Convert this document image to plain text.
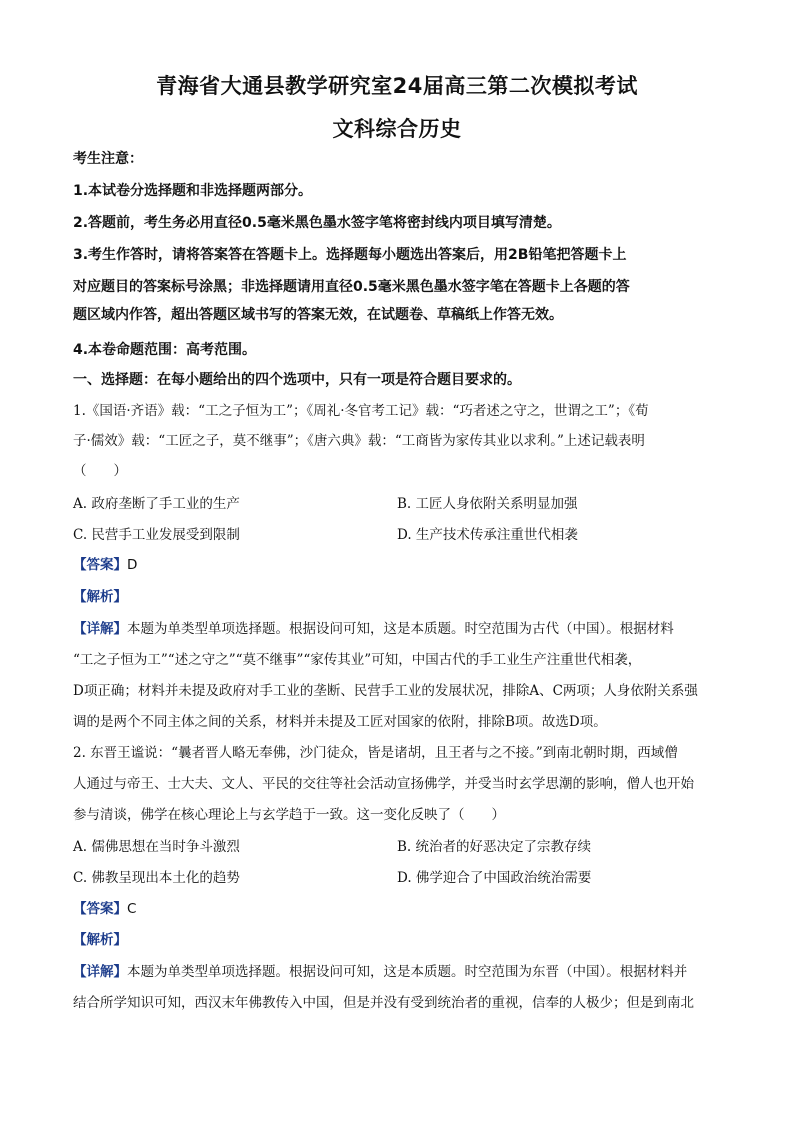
青海省大通县教学研究室24届高三第二次模拟考试
文科综合历史
考生注意：
1.本试卷分选择题和非选择题两部分。
2.答题前，考生务必用直径0.5毫米黑色墨水签字笔将密封线内项目填写清楚。
3.考生作答时，请将答案答在答题卡上。选择题每小题选出答案后，用2B铅笔把答题卡上
对应题目的答案标号涂黑；非选择题请用直径0.5毫米黑色墨水签字笔在答题卡上各题的答
题区域内作答，超出答题区域书写的答案无效，在试题卷、草稿纸上作答无效。
4.本卷命题范围：高考范围。
一、选择题：在每小题给出的四个选项中，只有一项是符合题目要求的。
1.《国语·齐语》载：“工之子恒为工”；《周礼·冬官考工记》载：“巧者述之守之，世谓之工”；《荀
子·儒效》载：“工匠之子，莫不继事”；《唐六典》载：“工商皆为家传其业以求利。”上述记载表明
（　　）
A. 政府垄断了手工业的生产	B. 工匠人身依附关系明显加强
C. 民营手工业发展受到限制	D. 生产技术传承注重世代相袭
【答案】D
【解析】
【详解】本题为单类型单项选择题。根据设问可知，这是本质题。时空范围为古代（中国）。根据材料
“工之子恒为工”“述之守之”“莫不继事”“家传其业”可知，中国古代的手工业生产注重世代相袭，
D项正确；材料并未提及政府对手工业的垄断、民营手工业的发展状况，排除A、C两项；人身依附关系强
调的是两个不同主体之间的关系，材料并未提及工匠对国家的依附，排除B项。故选D项。
2. 东晋王谧说：“曩者晋人略无奉佛，沙门徒众，皆是诸胡，且王者与之不接。”到南北朝时期，西域僧
人通过与帝王、士大夫、文人、平民的交往等社会活动宣扬佛学，并受当时玄学思潮的影响，僧人也开始
参与清谈，佛学在核心理论上与玄学趋于一致。这一变化反映了（　　）
A. 儒佛思想在当时争斗激烈	B. 统治者的好恶决定了宗教存续
C. 佛教呈现出本土化的趋势	D. 佛学迎合了中国政治统治需要
【答案】C
【解析】
【详解】本题为单类型单项选择题。根据设问可知，这是本质题。时空范围为东晋（中国）。根据材料并
结合所学知识可知，西汉末年佛教传入中国，但是并没有受到统治者的重视，信奉的人极少；但是到南北
